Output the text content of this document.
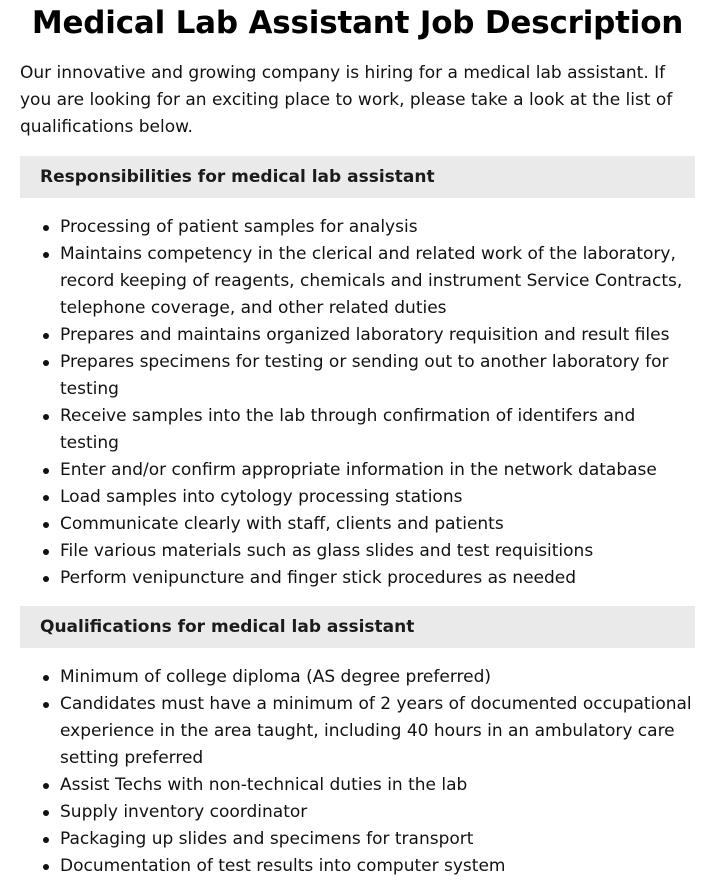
Medical Lab Assistant Job Description

Our innovative and growing company is hiring for a medical lab assistant. If you are looking for an exciting place to work, please take a look at the list of qualifications below.

Responsibilities for medical lab assistant
Processing of patient samples for analysis
Maintains competency in the clerical and related work of the laboratory, record keeping of reagents, chemicals and instrument Service Contracts, telephone coverage, and other related duties
Prepares and maintains organized laboratory requisition and result files
Prepares specimens for testing or sending out to another laboratory for testing
Receive samples into the lab through confirmation of identifers and testing
Enter and/or confirm appropriate information in the network database
Load samples into cytology processing stations
Communicate clearly with staff, clients and patients
File various materials such as glass slides and test requisitions
Perform venipuncture and finger stick procedures as needed
Qualifications for medical lab assistant
Minimum of college diploma (AS degree preferred)
Candidates must have a minimum of 2 years of documented occupational experience in the area taught, including 40 hours in an ambulatory care setting preferred
Assist Techs with non-technical duties in the lab
Supply inventory coordinator
Packaging up slides and specimens for transport
Documentation of test results into computer system
